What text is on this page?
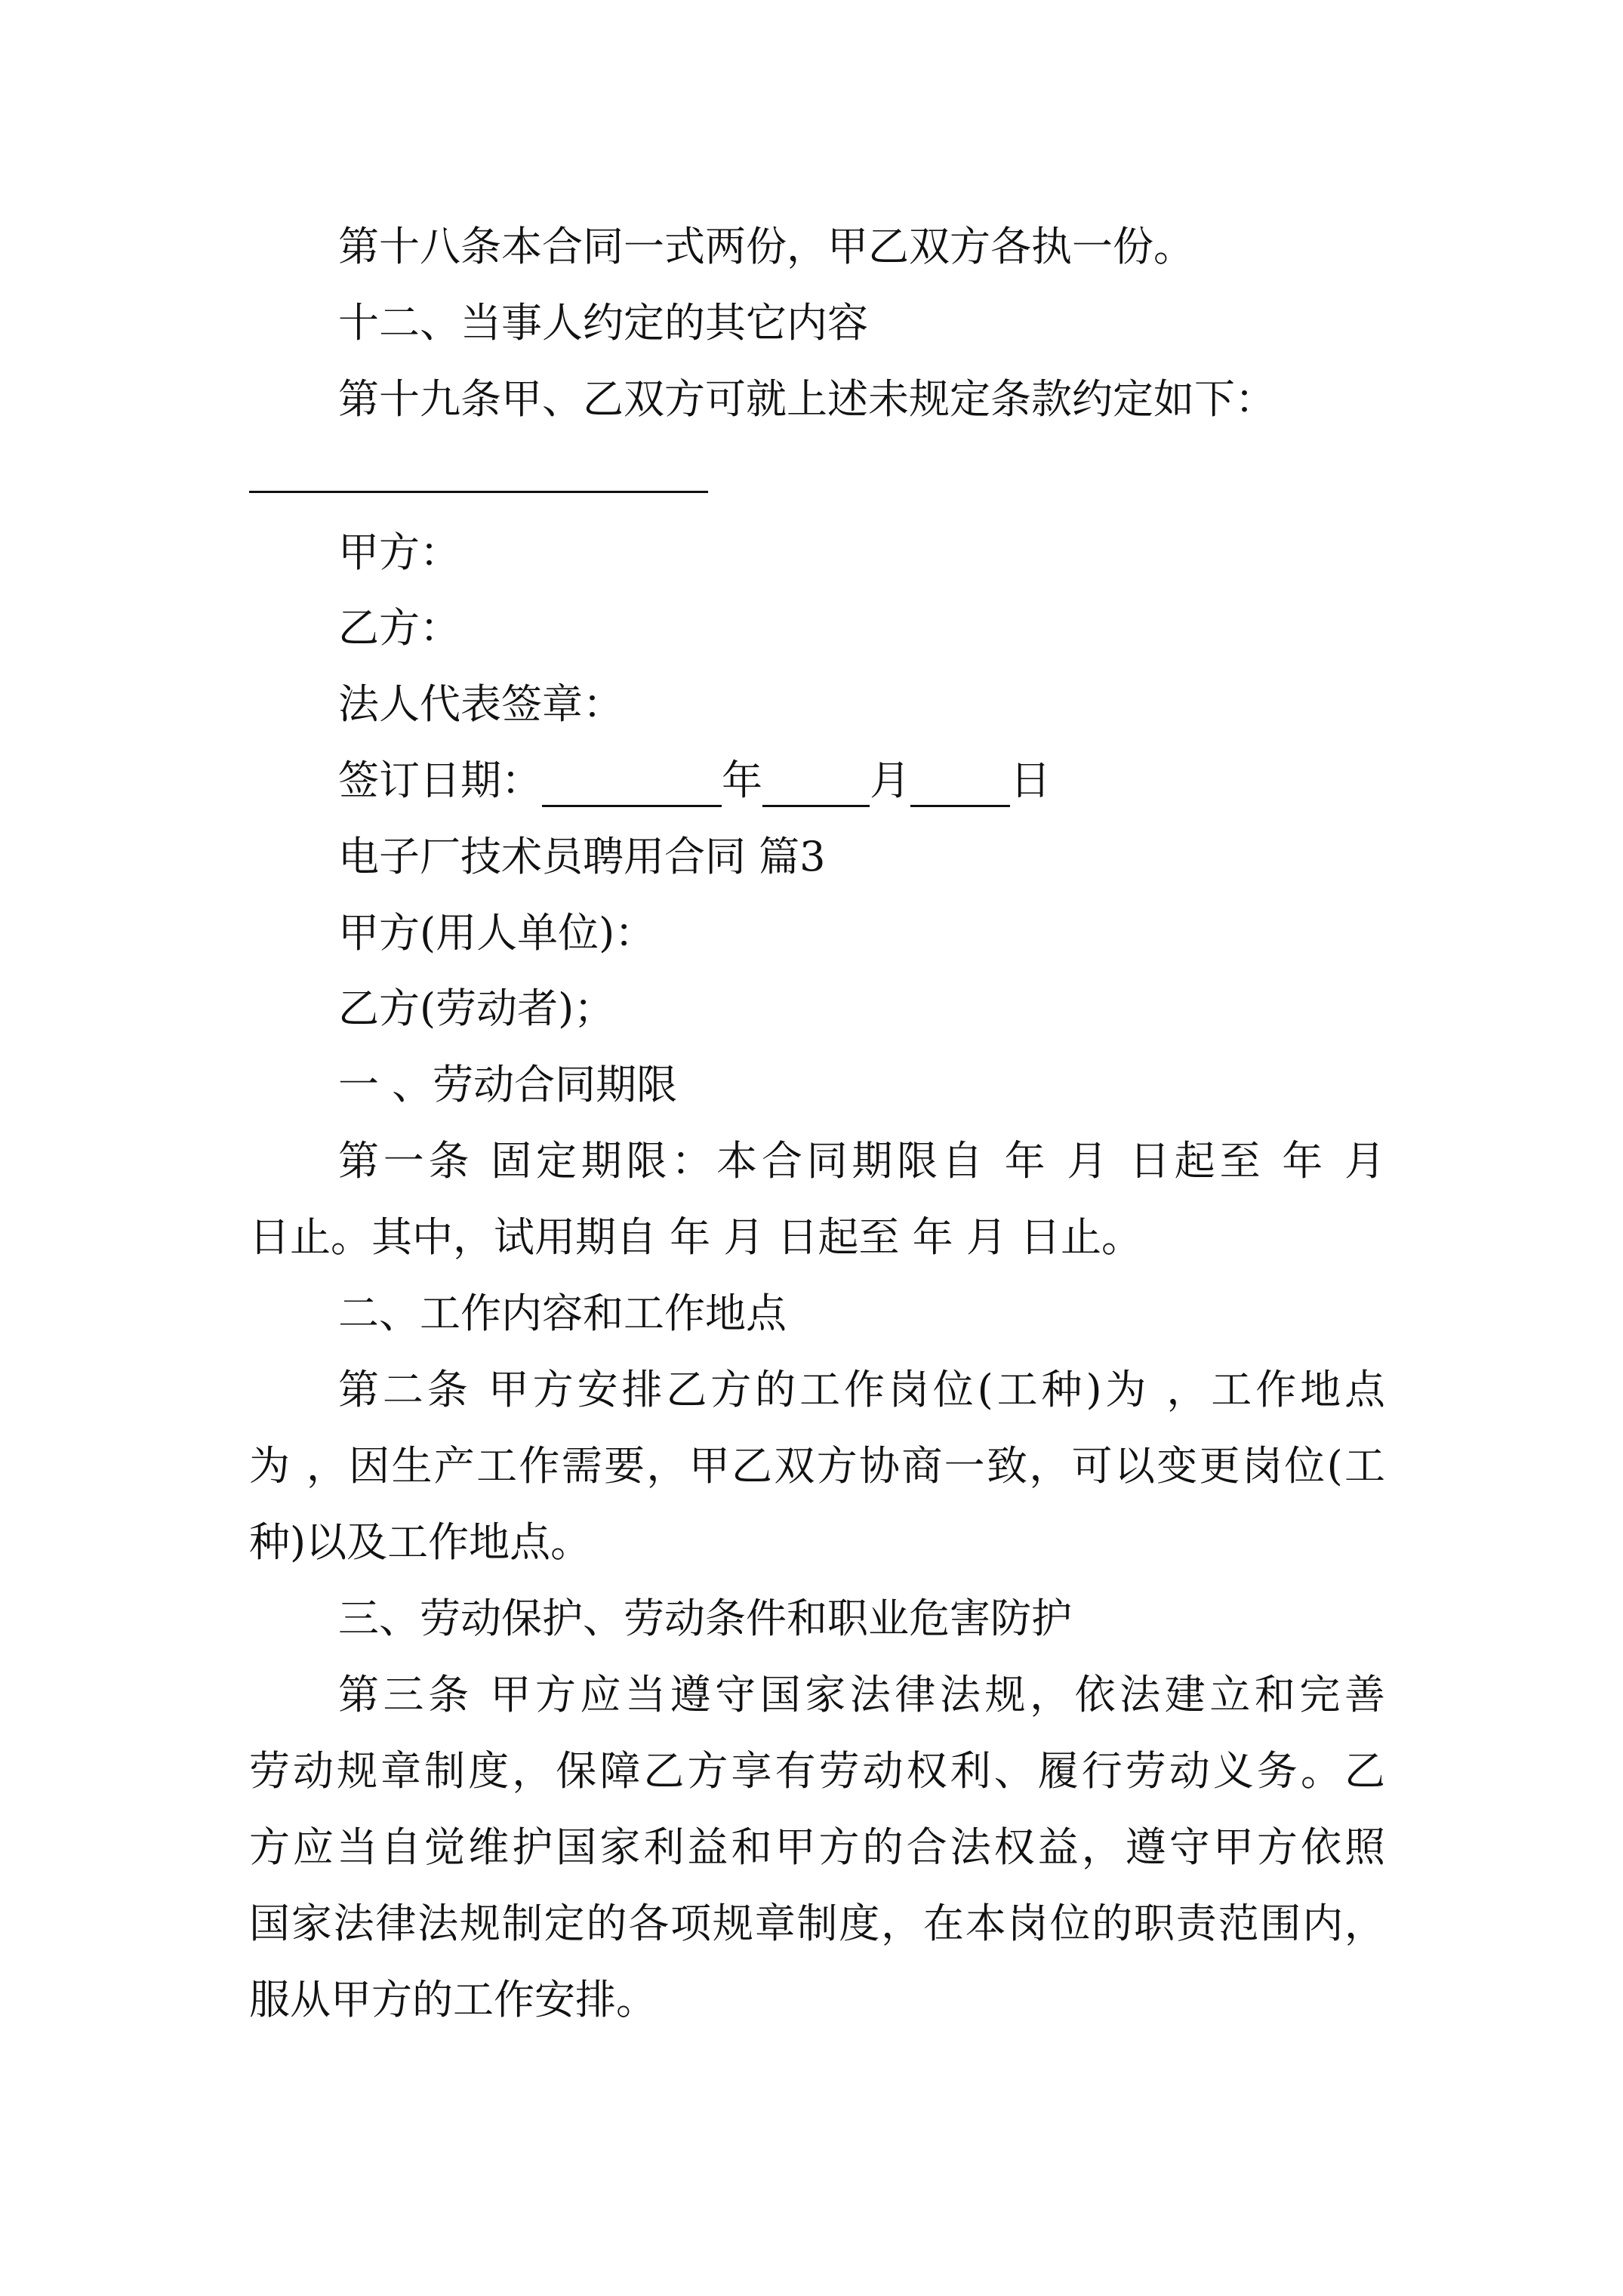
第十八条本合同一式两份，甲乙双方各执一份。
十二、当事人约定的其它内容
第十九条甲、乙双方可就上述未规定条款约定如下：
甲方：
乙方：
法人代表签章：
签订日期：	年	月 日
电子厂技术员聘用合同 篇3
甲方(用人单位)：
乙方(劳动者)；
一 、劳动合同期限
第一条 固定期限：本合同期限自 年 月 日起至 年 月
日止。其中，试用期自 年 月 日起至 年 月 日止。
二、工作内容和工作地点
第二条 甲方安排乙方的工作岗位(工种)为 ，工作地点
为 ，因生产工作需要，甲乙双方协商一致，可以变更岗位(工
种)以及工作地点。
三、劳动保护、劳动条件和职业危害防护
第三条 甲方应当遵守国家法律法规，依法建立和完善
劳动规章制度，保障乙方享有劳动权利、履行劳动义务。乙
方应当自觉维护国家利益和甲方的合法权益，遵守甲方依照
国家法律法规制定的各项规章制度，在本岗位的职责范围内，
服从甲方的工作安排。
